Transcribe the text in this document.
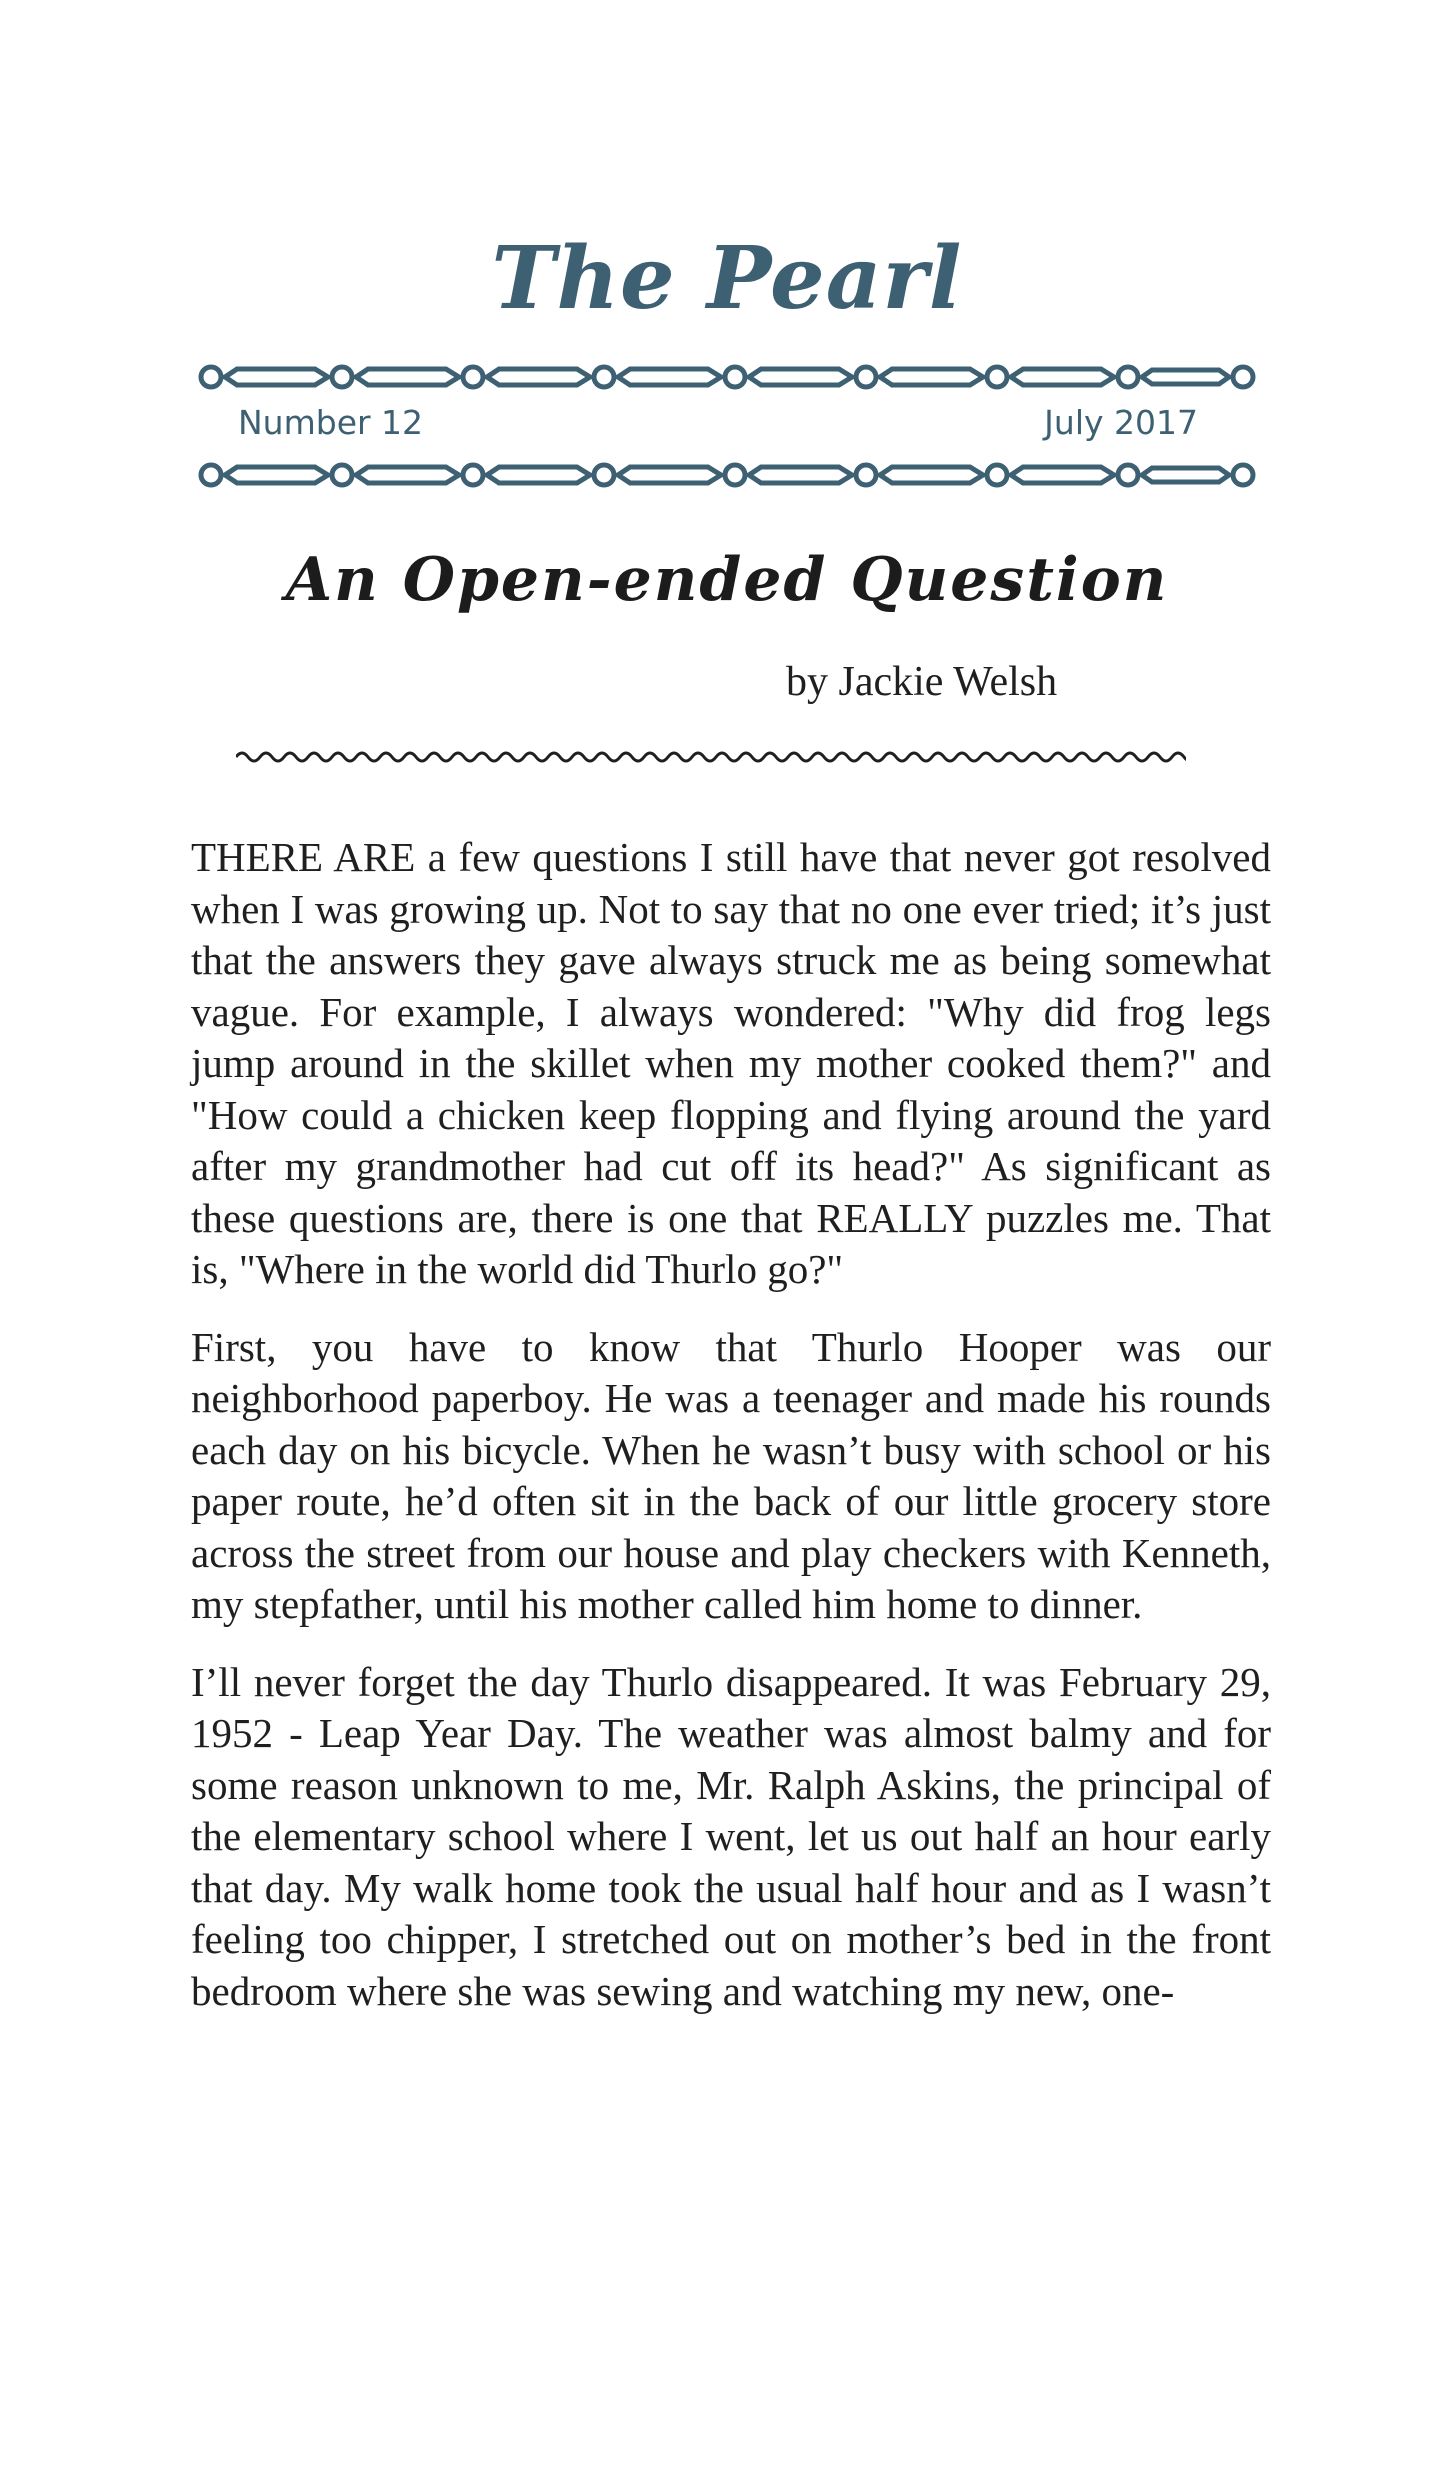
The Pearl
Number 12	July 2017
An Open-ended Question
by Jackie Welsh

THERE ARE a few questions I still have that never got resolved when I was growing up. Not to say that no one ever tried; it’s just that the answers they gave always struck me as being somewhat vague. For example, I always wondered: "Why did frog legs jump around in the skillet when my mother cooked them?" and "How could a chicken keep flopping and flying around the yard after my grandmother had cut off its head?" As significant as these questions are, there is one that REALLY puzzles me. That is, "Where in the world did Thurlo go?"

First, you have to know that Thurlo Hooper was our neighborhood paperboy. He was a teenager and made his rounds each day on his bicycle. When he wasn’t busy with school or his paper route, he’d often sit in the back of our little grocery store across the street from our house and play checkers with Kenneth, my stepfather, until his mother called him home to dinner.

I’ll never forget the day Thurlo disappeared. It was February 29, 1952 - Leap Year Day. The weather was almost balmy and for some reason unknown to me, Mr. Ralph Askins, the principal of the elementary school where I went, let us out half an hour early that day. My walk home took the usual half hour and as I wasn’t feeling too chipper, I stretched out on mother’s bed in the front bedroom where she was sewing and watching my new, one-
